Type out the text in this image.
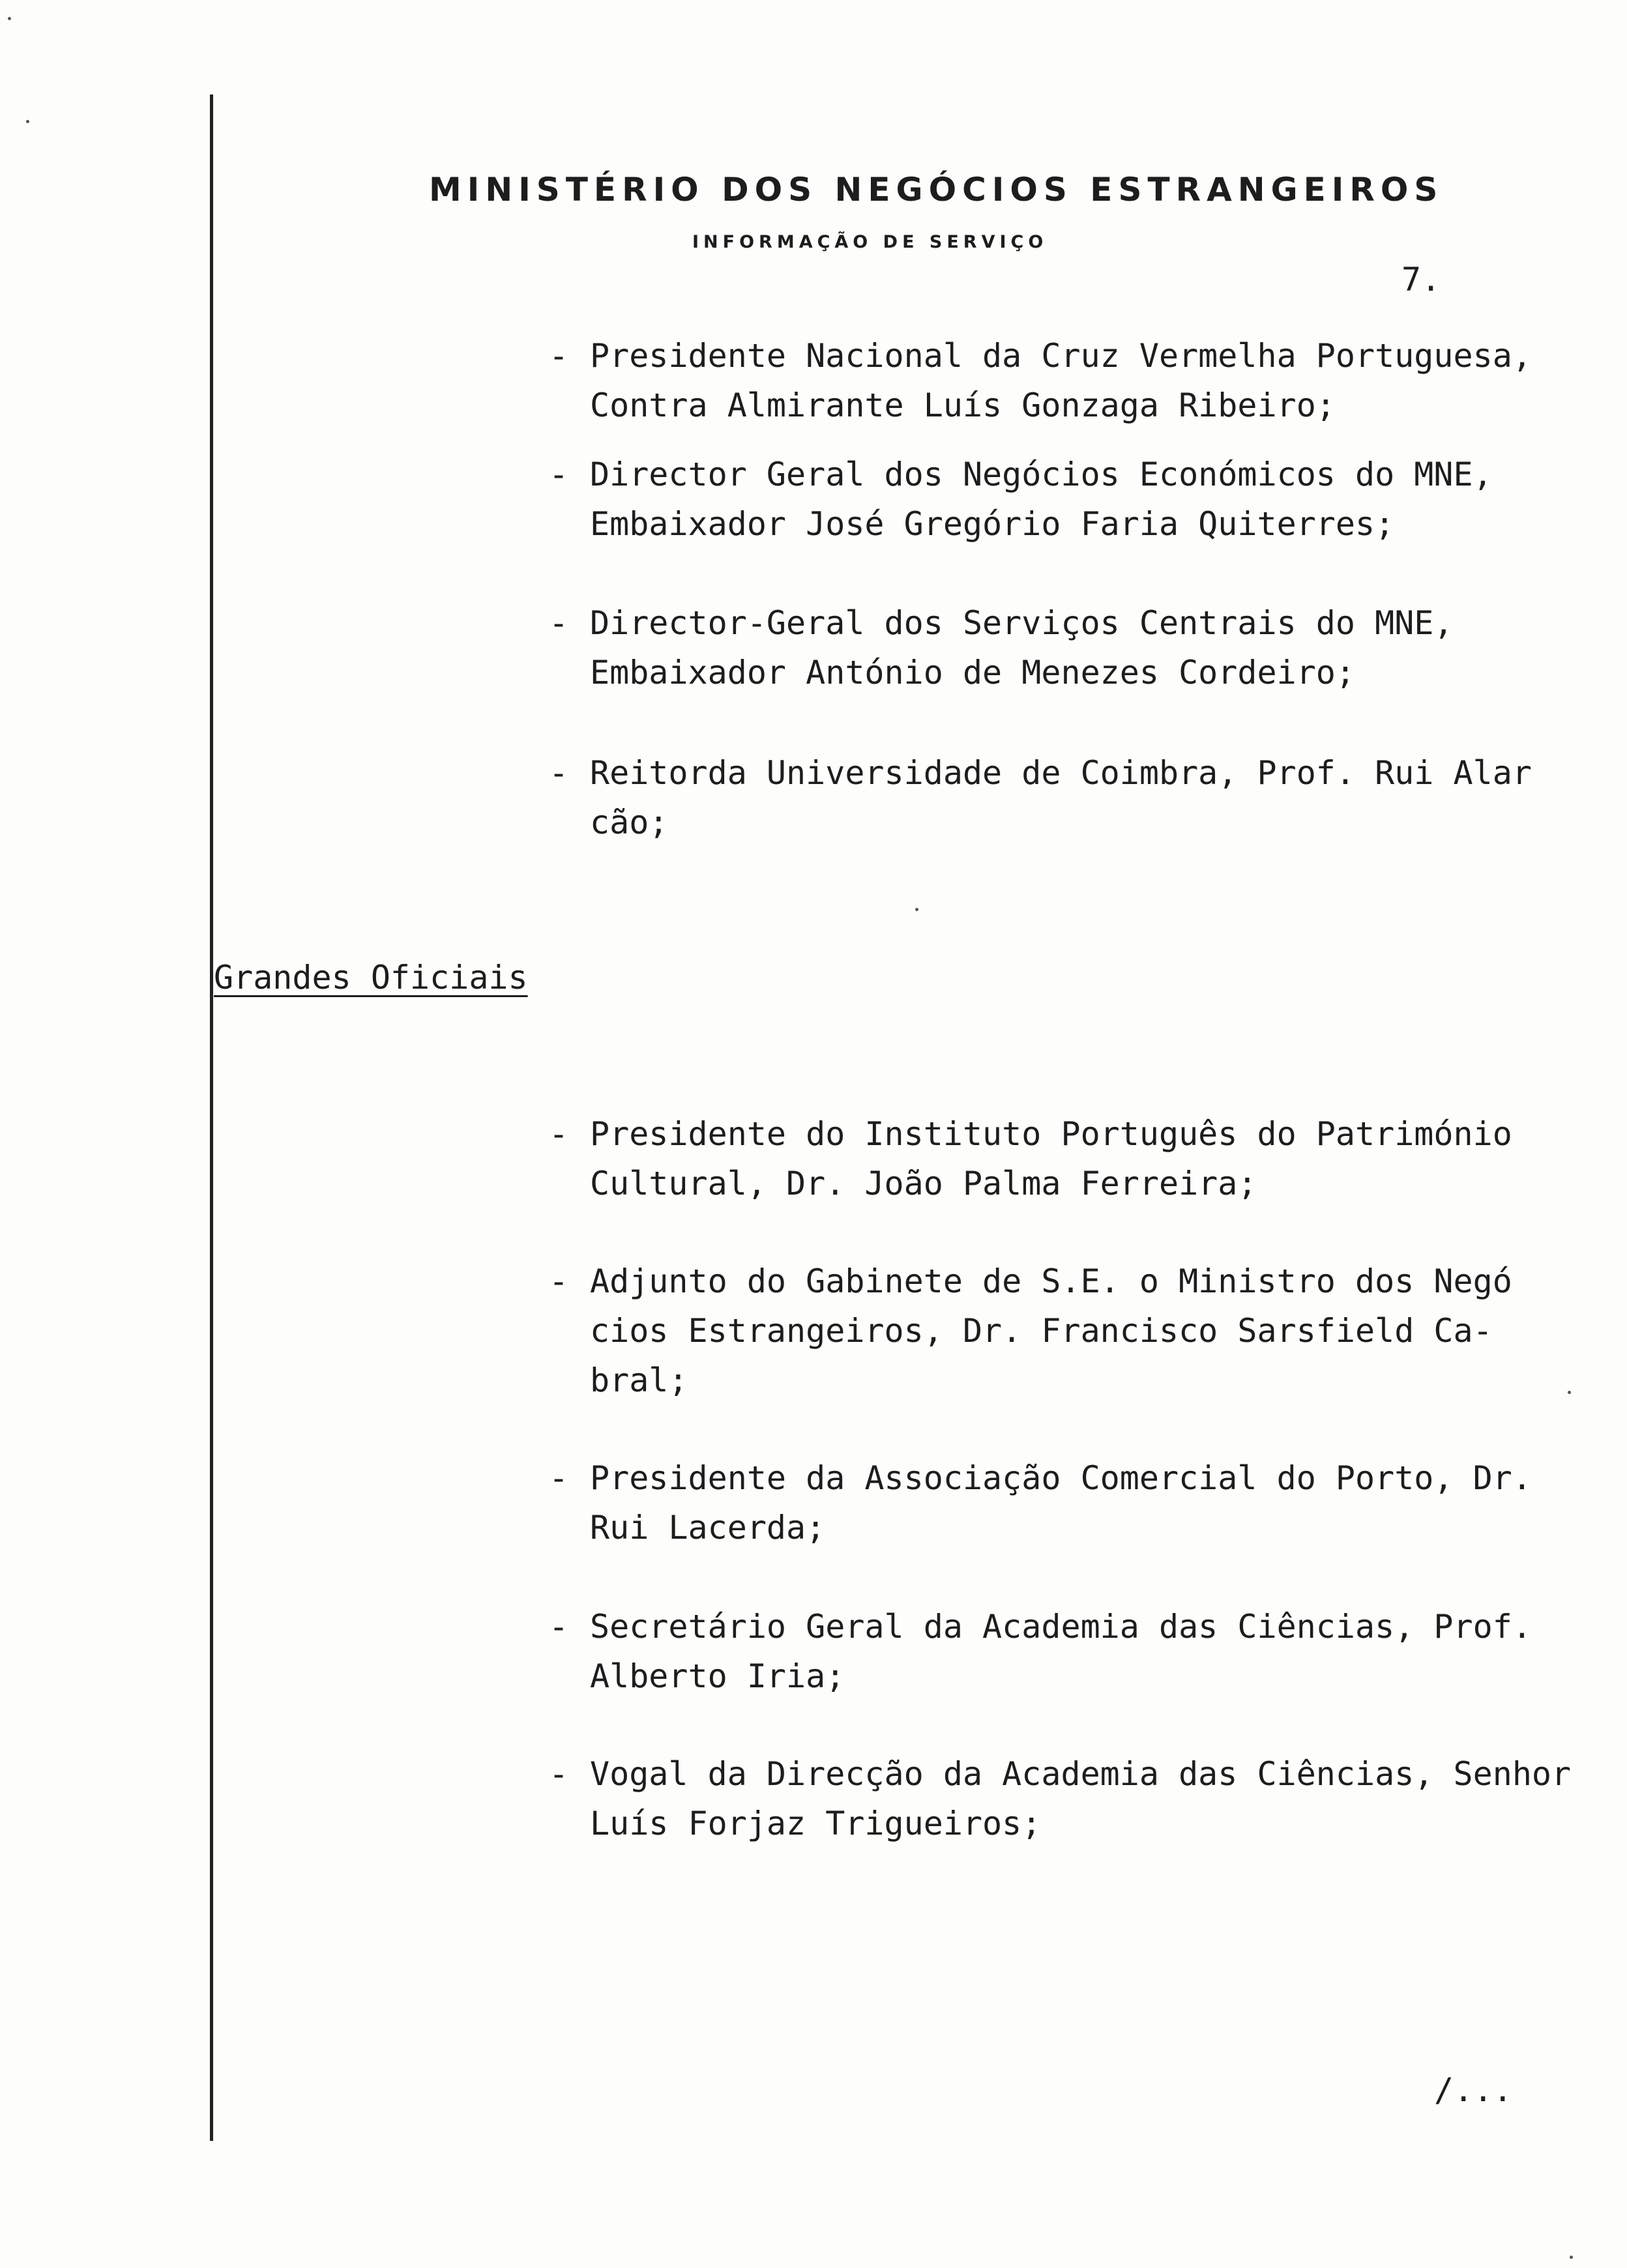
MINISTÉRIO DOS NEGÓCIOS ESTRANGEIROS
INFORMAÇÃO DE SERVIÇO
7.
- Presidente Nacional da Cruz Vermelha Portuguesa,
Contra Almirante Luís Gonzaga Ribeiro;
- Director Geral dos Negócios Económicos do MNE,
Embaixador José Gregório Faria Quiterres;
- Director-Geral dos Serviços Centrais do MNE,
Embaixador António de Menezes Cordeiro;
- Reitorda Universidade de Coimbra, Prof. Rui Alar
cão;
Grandes Oficiais
- Presidente do Instituto Português do Património
Cultural, Dr. João Palma Ferreira;
- Adjunto do Gabinete de S.E. o Ministro dos Negó
cios Estrangeiros, Dr. Francisco Sarsfield Ca-
bral;
- Presidente da Associação Comercial do Porto, Dr.
Rui Lacerda;
- Secretário Geral da Academia das Ciências, Prof.
Alberto Iria;
- Vogal da Direcção da Academia das Ciências, Senhor
Luís Forjaz Trigueiros;
/...
